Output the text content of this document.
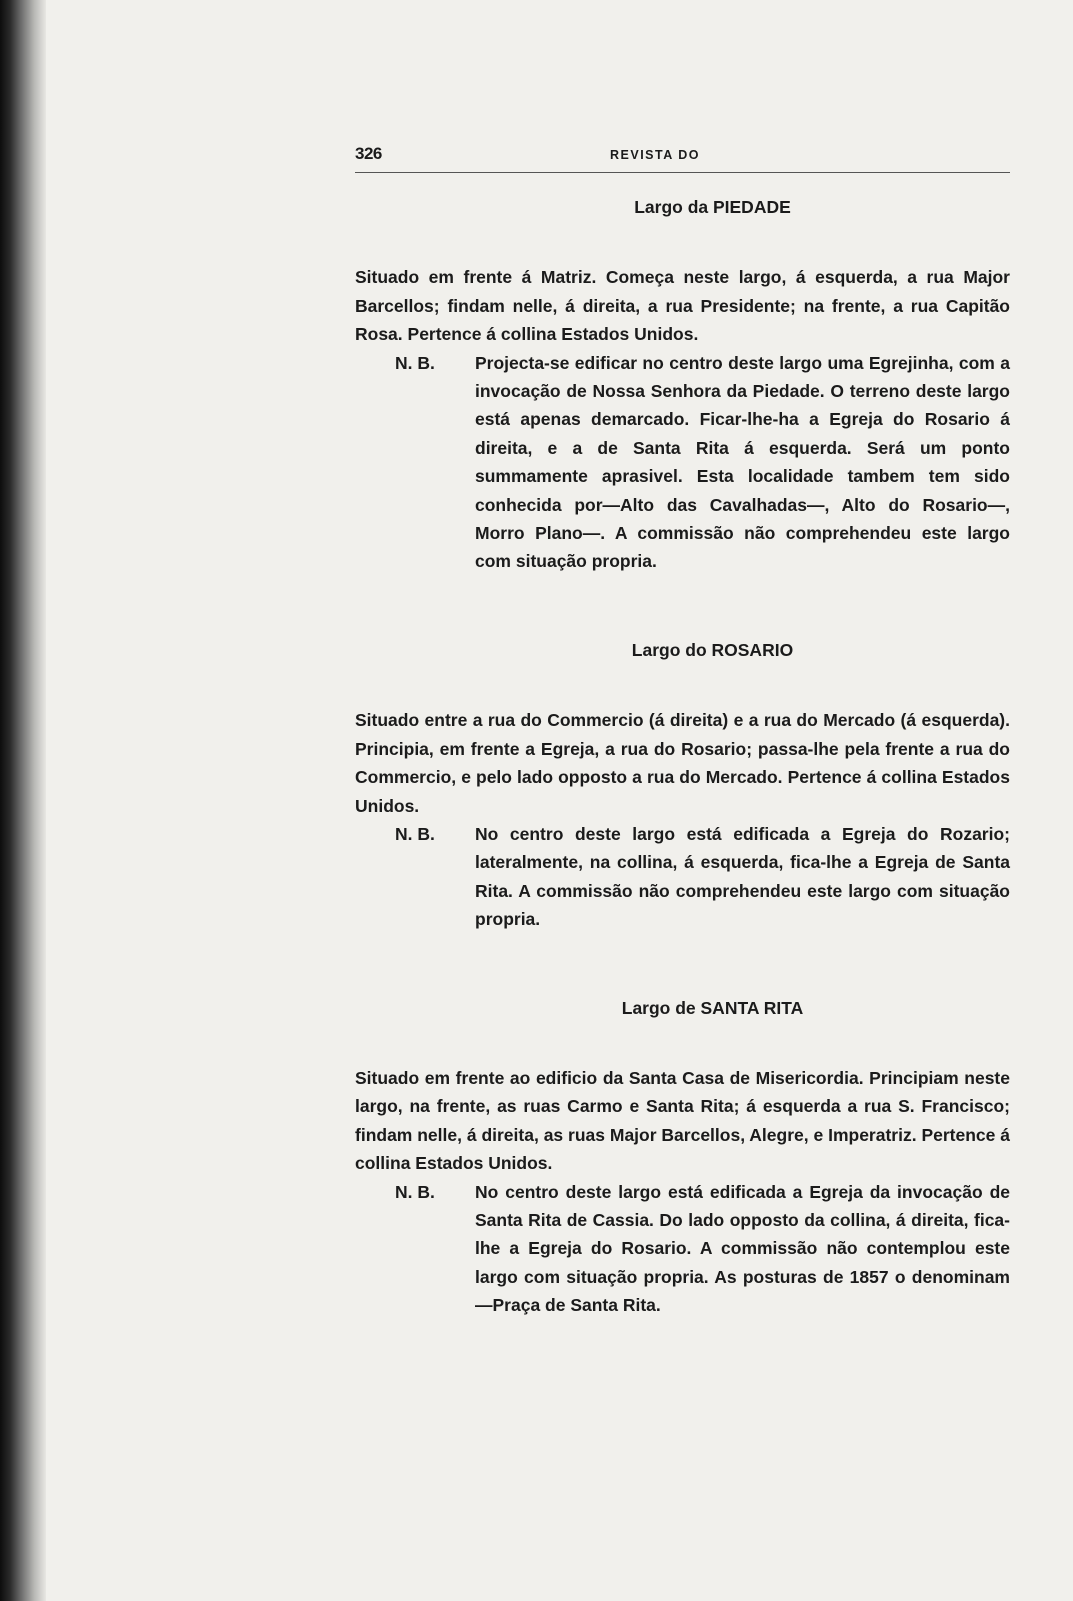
326	REVISTA DO
Largo da PIEDADE

Situado em frente á Matriz. Começa neste largo, á esquerda, a rua Major Barcellos; findam nelle, á direita, a rua Presidente; na frente, a rua Capitão Rosa. Pertence á collina Estados Unidos.

N. B.	Projecta-se edificar no centro deste largo uma Egrejinha, com a invocação de Nossa Senhora da Piedade. O terreno deste largo está apenas demarcado. Ficar-lhe-ha a Egreja do Rosario á direita, e a de Santa Rita á esquerda. Será um ponto summamente aprasivel. Esta localidade tambem tem sido conhecida por—Alto das Cavalhadas—, Alto do Rosario—, Morro Plano—. A commissão não comprehendeu este largo com situação propria.

Largo do ROSARIO

Situado entre a rua do Commercio (á direita) e a rua do Mercado (á esquerda). Principia, em frente a Egreja, a rua do Rosario; passa-lhe pela frente a rua do Commercio, e pelo lado opposto a rua do Mercado. Pertence á collina Estados Unidos.

N. B.	No centro deste largo está edificada a Egreja do Rozario; lateralmente, na collina, á esquerda, fica-lhe a Egreja de Santa Rita. A commissão não comprehendeu este largo com situação propria.

Largo de SANTA RITA

Situado em frente ao edificio da Santa Casa de Misericordia. Principiam neste largo, na frente, as ruas Carmo e Santa Rita; á esquerda a rua S. Francisco; findam nelle, á direita, as ruas Major Barcellos, Alegre, e Imperatriz. Pertence á collina Estados Unidos.

N. B.	No centro deste largo está edificada a Egreja da invocação de Santa Rita de Cassia. Do lado opposto da collina, á direita, fica-lhe a Egreja do Rosario. A commissão não contemplou este largo com situação propria. As posturas de 1857 o denominam—Praça de Santa Rita.
